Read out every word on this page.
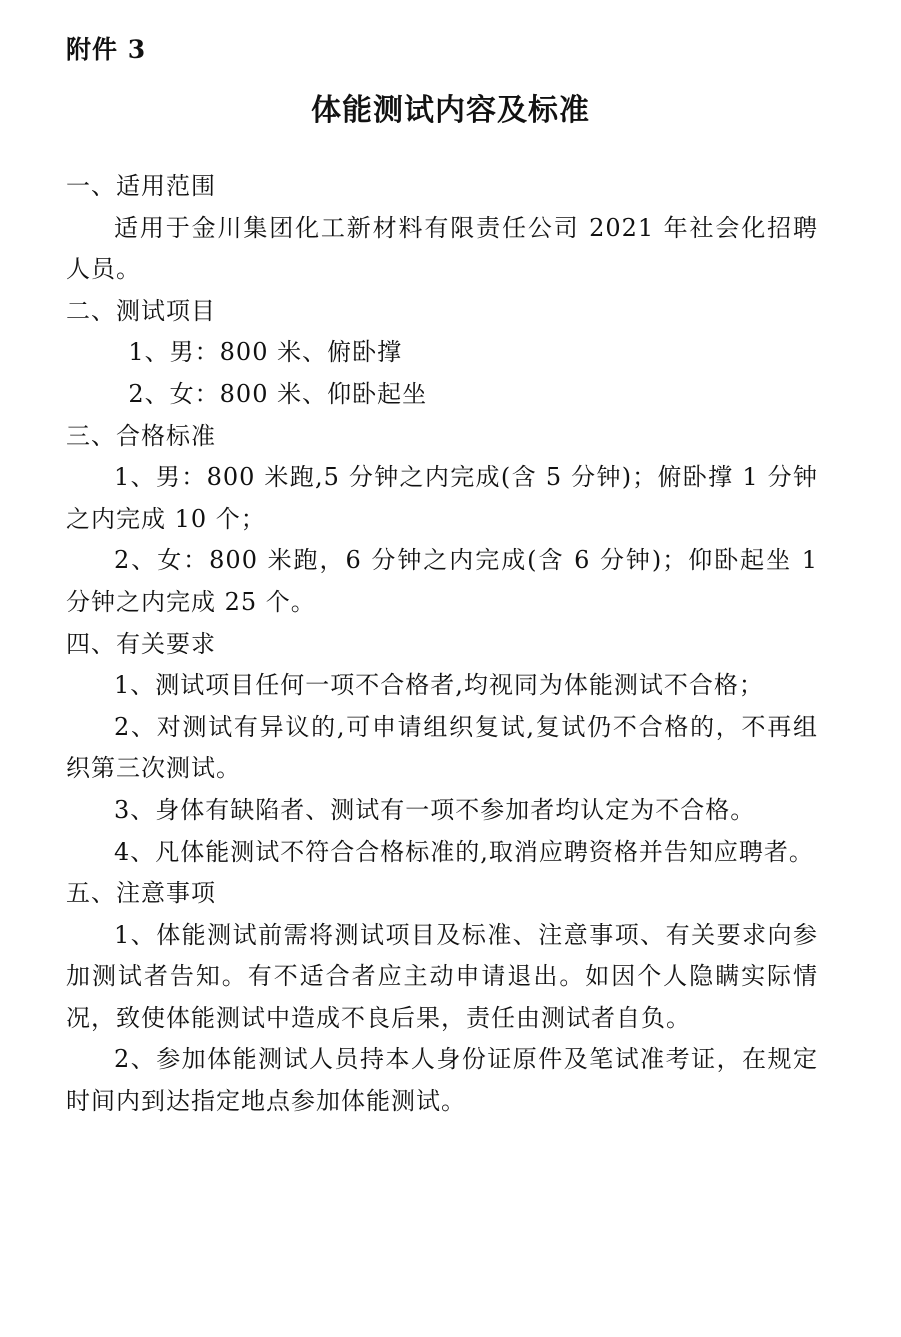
附件 3
体能测试内容及标准

一、适用范围

适用于金川集团化工新材料有限责任公司 2021 年社会化招聘人员。

二、测试项目

1、男：800 米、俯卧撑

2、女：800 米、仰卧起坐

三、合格标准

1、男：800 米跑,5 分钟之内完成(含 5 分钟)；俯卧撑 1 分钟之内完成 10 个；

2、女：800 米跑，6 分钟之内完成(含 6 分钟)；仰卧起坐 1 分钟之内完成 25 个。

四、有关要求

1、测试项目任何一项不合格者,均视同为体能测试不合格；

2、对测试有异议的,可申请组织复试,复试仍不合格的，不再组织第三次测试。

3、身体有缺陷者、测试有一项不参加者均认定为不合格。

4、凡体能测试不符合合格标准的,取消应聘资格并告知应聘者。

五、注意事项

1、体能测试前需将测试项目及标准、注意事项、有关要求向参加测试者告知。有不适合者应主动申请退出。如因个人隐瞒实际情况，致使体能测试中造成不良后果，责任由测试者自负。

2、参加体能测试人员持本人身份证原件及笔试准考证，在规定时间内到达指定地点参加体能测试。
